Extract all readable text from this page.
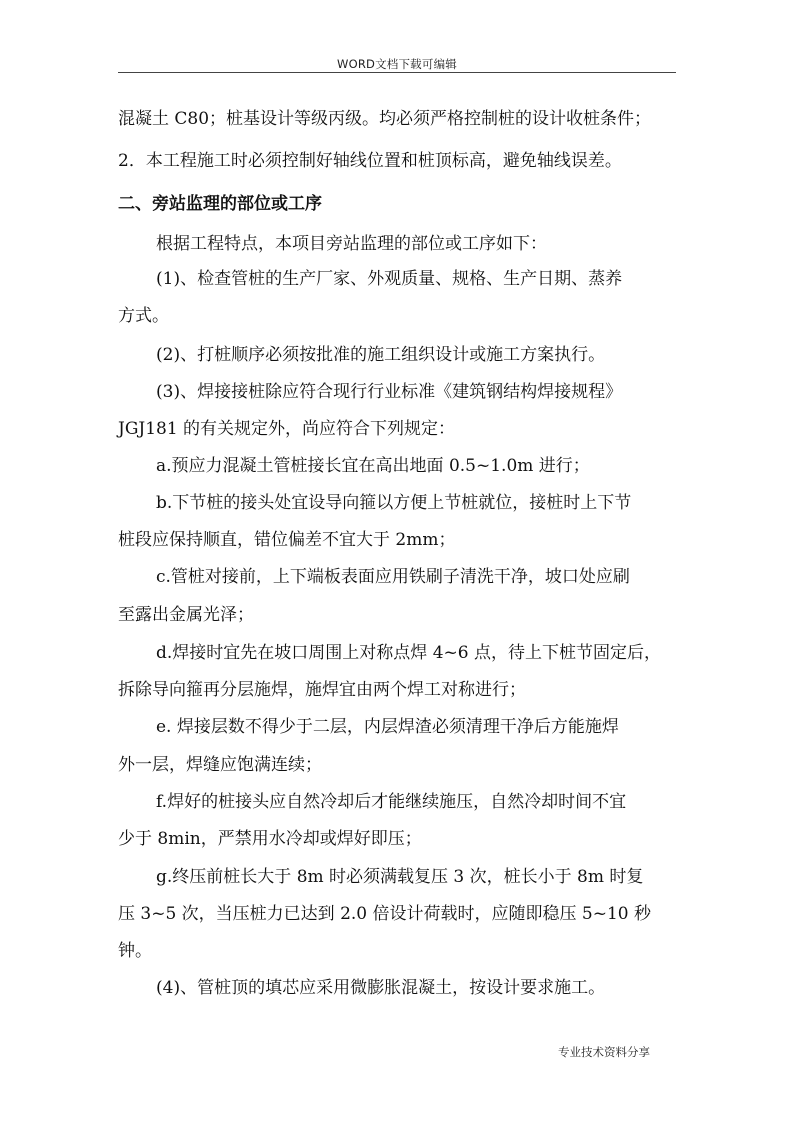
WORD文档下载可编辑
混凝土 C80；桩基设计等级丙级。均必须严格控制桩的设计收桩条件；
2．本工程施工时必须控制好轴线位置和桩顶标高，避免轴线误差。
二、旁站监理的部位或工序
根据工程特点，本项目旁站监理的部位或工序如下：
(1)、检查管桩的生产厂家、外观质量、规格、生产日期、蒸养
方式。
(2)、打桩顺序必须按批准的施工组织设计或施工方案执行。
(3)、焊接接桩除应符合现行行业标准《建筑钢结构焊接规程》
JGJ181 的有关规定外，尚应符合下列规定：
a.预应力混凝土管桩接长宜在高出地面 0.5~1.0m 进行；
b.下节桩的接头处宜设导向箍以方便上节桩就位，接桩时上下节
桩段应保持顺直，错位偏差不宜大于 2mm；
c.管桩对接前，上下端板表面应用铁刷子清洗干净，坡口处应刷
至露出金属光泽；
d.焊接时宜先在坡口周围上对称点焊 4~6 点，待上下桩节固定后，
拆除导向箍再分层施焊，施焊宜由两个焊工对称进行；
e. 焊接层数不得少于二层，内层焊渣必须清理干净后方能施焊
外一层，焊缝应饱满连续；
f.焊好的桩接头应自然冷却后才能继续施压，自然冷却时间不宜
少于 8min，严禁用水冷却或焊好即压；
g.终压前桩长大于 8m 时必须满载复压 3 次，桩长小于 8m 时复
压 3~5 次，当压桩力已达到 2.0 倍设计荷载时，应随即稳压 5~10 秒
钟。
(4)、管桩顶的填芯应采用微膨胀混凝土，按设计要求施工。
专业技术资料分享
